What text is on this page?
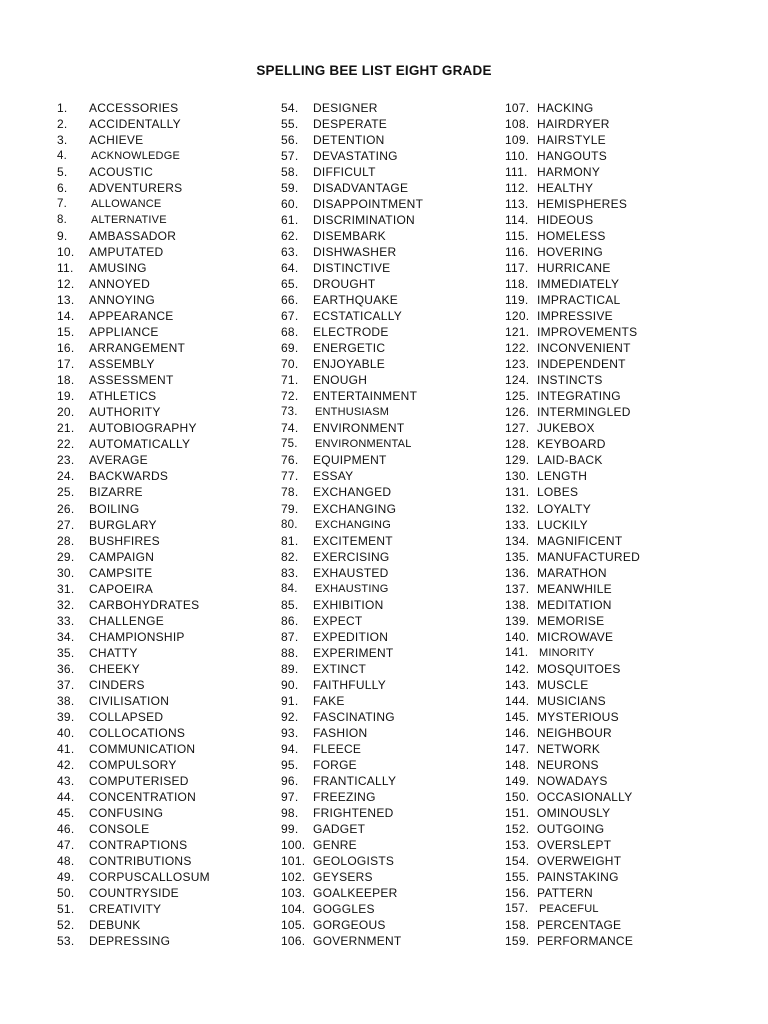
SPELLING BEE LIST EIGHT GRADE
1. ACCESSORIES
2. ACCIDENTALLY
3. ACHIEVE
4. ACKNOWLEDGE
5. ACOUSTIC
6. ADVENTURERS
7. ALLOWANCE
8. ALTERNATIVE
9. AMBASSADOR
10. AMPUTATED
11. AMUSING
12. ANNOYED
13. ANNOYING
14. APPEARANCE
15. APPLIANCE
16. ARRANGEMENT
17. ASSEMBLY
18. ASSESSMENT
19. ATHLETICS
20. AUTHORITY
21. AUTOBIOGRAPHY
22. AUTOMATICALLY
23. AVERAGE
24. BACKWARDS
25. BIZARRE
26. BOILING
27. BURGLARY
28. BUSHFIRES
29. CAMPAIGN
30. CAMPSITE
31. CAPOEIRA
32. CARBOHYDRATES
33. CHALLENGE
34. CHAMPIONSHIP
35. CHATTY
36. CHEEKY
37. CINDERS
38. CIVILISATION
39. COLLAPSED
40. COLLOCATIONS
41. COMMUNICATION
42. COMPULSORY
43. COMPUTERISED
44. CONCENTRATION
45. CONFUSING
46. CONSOLE
47. CONTRAPTIONS
48. CONTRIBUTIONS
49. CORPUSCALLOSUM
50. COUNTRYSIDE
51. CREATIVITY
52. DEBUNK
53. DEPRESSING
54. DESIGNER
55. DESPERATE
56. DETENTION
57. DEVASTATING
58. DIFFICULT
59. DISADVANTAGE
60. DISAPPOINTMENT
61. DISCRIMINATION
62. DISEMBARK
63. DISHWASHER
64. DISTINCTIVE
65. DROUGHT
66. EARTHQUAKE
67. ECSTATICALLY
68. ELECTRODE
69. ENERGETIC
70. ENJOYABLE
71. ENOUGH
72. ENTERTAINMENT
73. ENTHUSIASM
74. ENVIRONMENT
75. ENVIRONMENTAL
76. EQUIPMENT
77. ESSAY
78. EXCHANGED
79. EXCHANGING
80. EXCHANGING
81. EXCITEMENT
82. EXERCISING
83. EXHAUSTED
84. EXHAUSTING
85. EXHIBITION
86. EXPECT
87. EXPEDITION
88. EXPERIMENT
89. EXTINCT
90. FAITHFULLY
91. FAKE
92. FASCINATING
93. FASHION
94. FLEECE
95. FORGE
96. FRANTICALLY
97. FREEZING
98. FRIGHTENED
99. GADGET
100. GENRE
101. GEOLOGISTS
102. GEYSERS
103. GOALKEEPER
104. GOGGLES
105. GORGEOUS
106. GOVERNMENT
107. HACKING
108. HAIRDRYER
109. HAIRSTYLE
110. HANGOUTS
111. HARMONY
112. HEALTHY
113. HEMISPHERES
114. HIDEOUS
115. HOMELESS
116. HOVERING
117. HURRICANE
118. IMMEDIATELY
119. IMPRACTICAL
120. IMPRESSIVE
121. IMPROVEMENTS
122. INCONVENIENT
123. INDEPENDENT
124. INSTINCTS
125. INTEGRATING
126. INTERMINGLED
127. JUKEBOX
128. KEYBOARD
129. LAID-BACK
130. LENGTH
131. LOBES
132. LOYALTY
133. LUCKILY
134. MAGNIFICENT
135. MANUFACTURED
136. MARATHON
137. MEANWHILE
138. MEDITATION
139. MEMORISE
140. MICROWAVE
141. MINORITY
142. MOSQUITOES
143. MUSCLE
144. MUSICIANS
145. MYSTERIOUS
146. NEIGHBOUR
147. NETWORK
148. NEURONS
149. NOWADAYS
150. OCCASIONALLY
151. OMINOUSLY
152. OUTGOING
153. OVERSLEPT
154. OVERWEIGHT
155. PAINSTAKING
156. PATTERN
157. PEACEFUL
158. PERCENTAGE
159. PERFORMANCE
